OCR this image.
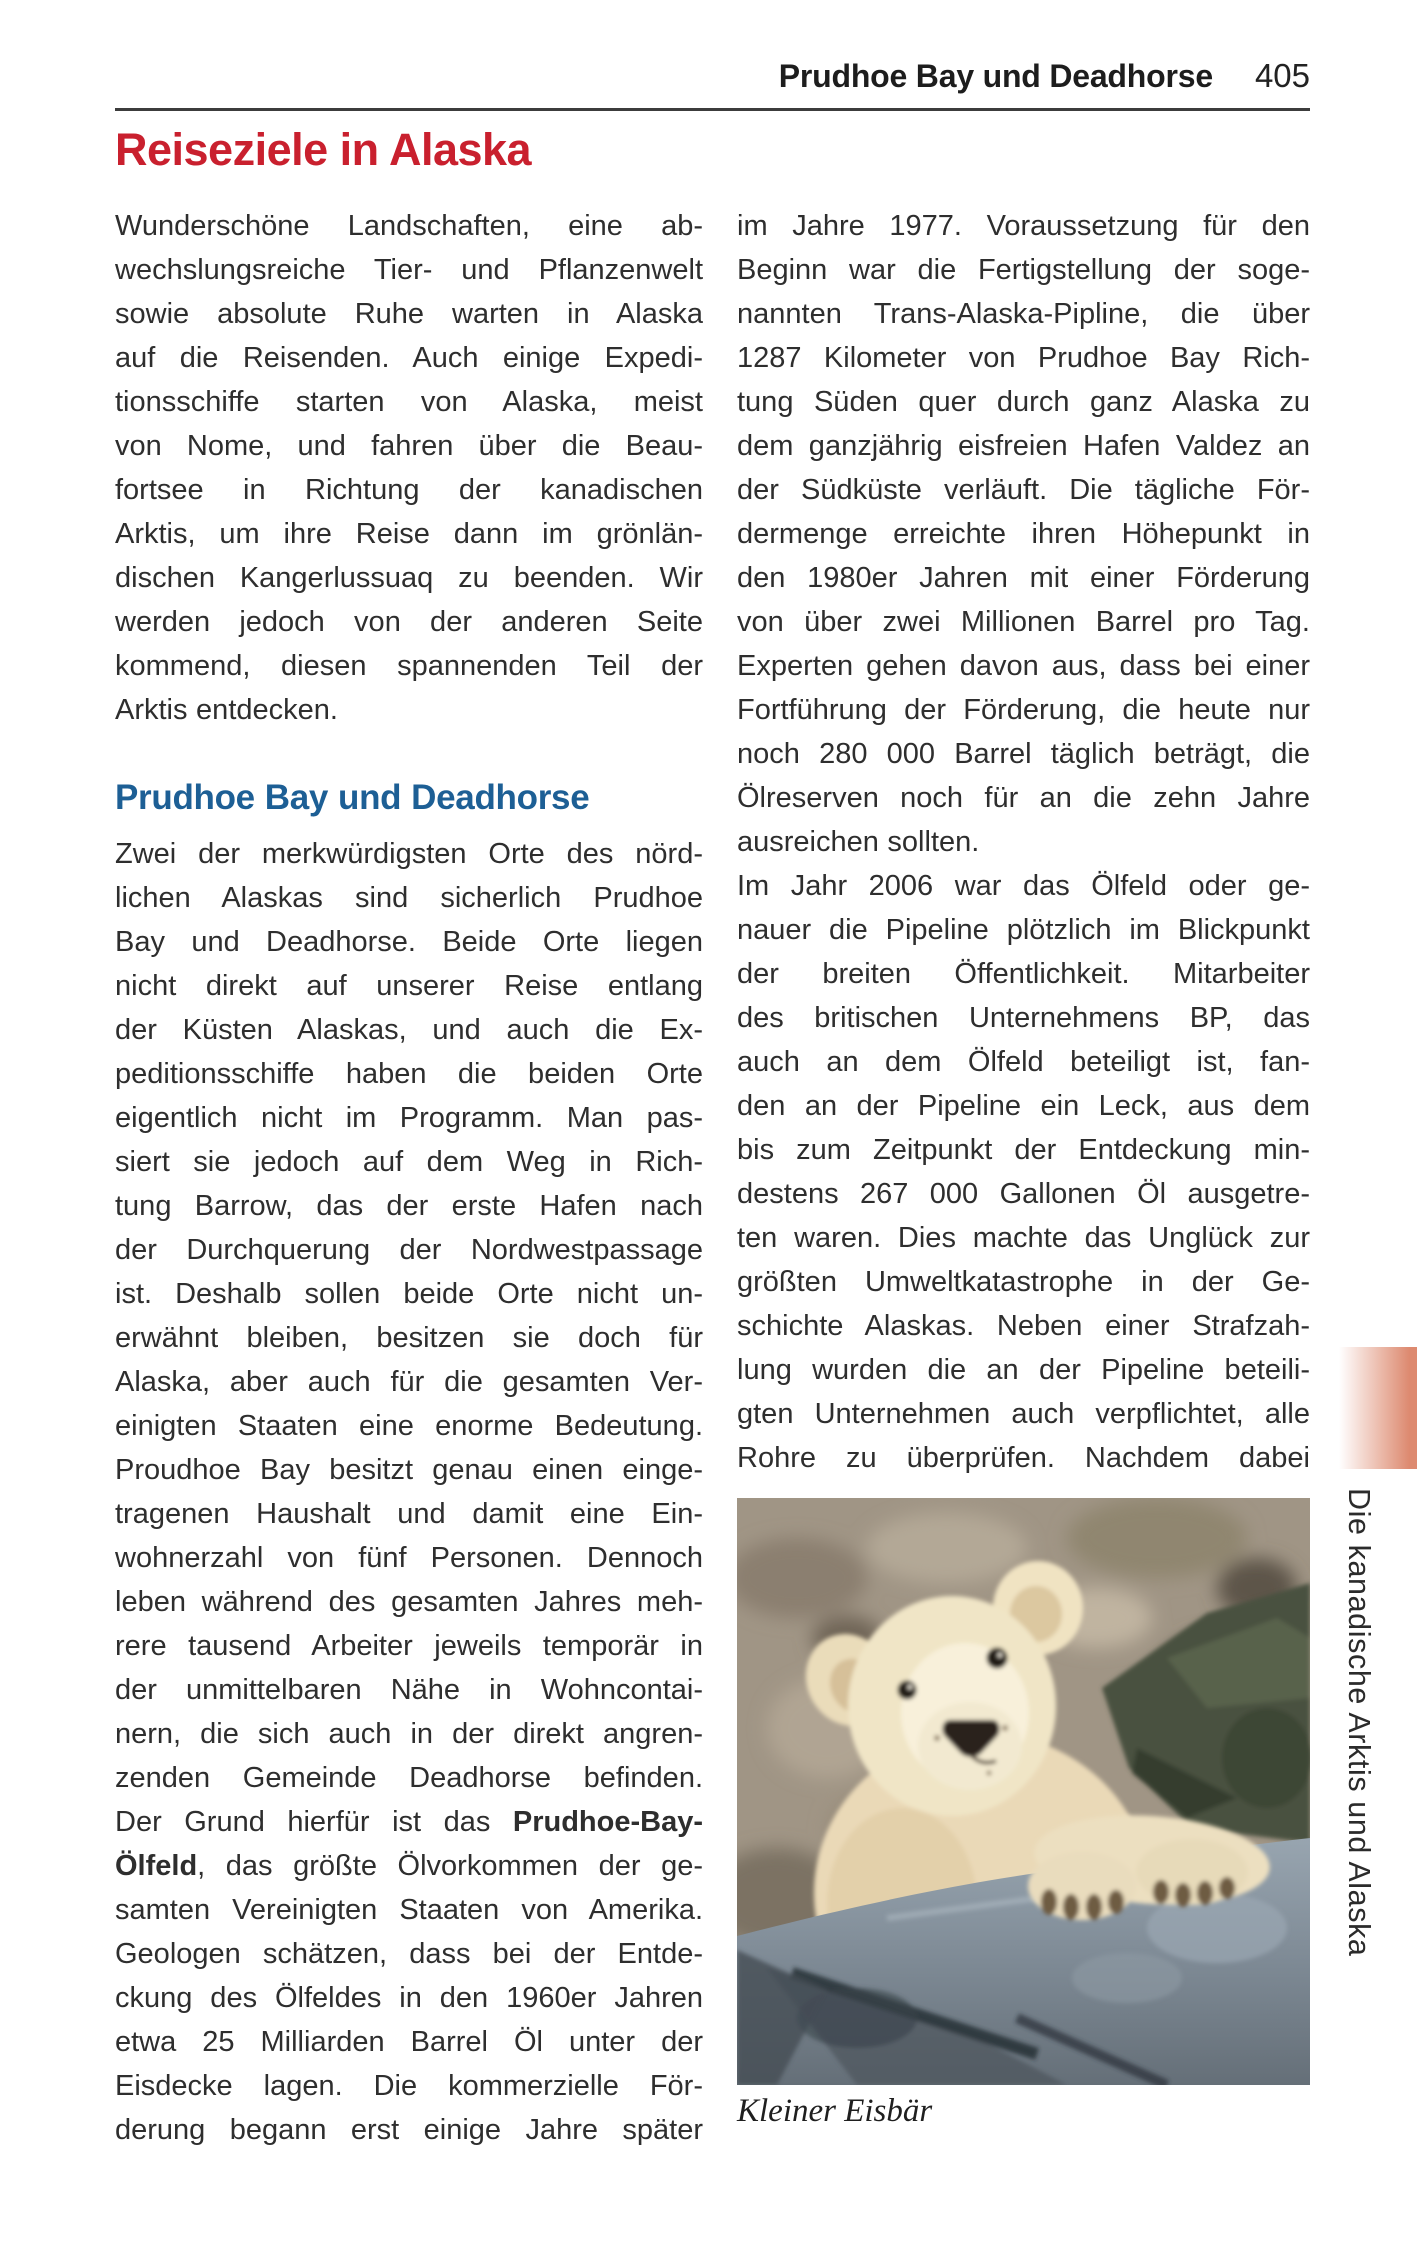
Prudhoe Bay und Deadhorse 405
Reiseziele in Alaska
Wunderschöne Landschaften, eine ab-
wechslungsreiche Tier- und Pflanzenwelt
sowie absolute Ruhe warten in Alaska
auf die Reisenden. Auch einige Expedi-
tionsschiffe starten von Alaska, meist
von Nome, und fahren über die Beau-
fortsee in Richtung der kanadischen
Arktis, um ihre Reise dann im grönlän-
dischen Kangerlussuaq zu beenden. Wir
werden jedoch von der anderen Seite
kommend, diesen spannenden Teil der
Arktis entdecken.
Prudhoe Bay und Deadhorse
Zwei der merkwürdigsten Orte des nörd-
lichen Alaskas sind sicherlich Prudhoe
Bay und Deadhorse. Beide Orte liegen
nicht direkt auf unserer Reise entlang
der Küsten Alaskas, und auch die Ex-
peditionsschiffe haben die beiden Orte
eigentlich nicht im Programm. Man pas-
siert sie jedoch auf dem Weg in Rich-
tung Barrow, das der erste Hafen nach
der Durchquerung der Nordwestpassage
ist. Deshalb sollen beide Orte nicht un-
erwähnt bleiben, besitzen sie doch für
Alaska, aber auch für die gesamten Ver-
einigten Staaten eine enorme Bedeutung.
Proudhoe Bay besitzt genau einen einge-
tragenen Haushalt und damit eine Ein-
wohnerzahl von fünf Personen. Dennoch
leben während des gesamten Jahres meh-
rere tausend Arbeiter jeweils temporär in
der unmittelbaren Nähe in Wohncontai-
nern, die sich auch in der direkt angren-
zenden Gemeinde Deadhorse befinden.
Der Grund hierfür ist das Prudhoe-Bay-
Ölfeld, das größte Ölvorkommen der ge-
samten Vereinigten Staaten von Amerika.
Geologen schätzen, dass bei der Entde-
ckung des Ölfeldes in den 1960er Jahren
etwa 25 Milliarden Barrel Öl unter der
Eisdecke lagen. Die kommerzielle För-
derung begann erst einige Jahre später
im Jahre 1977. Voraussetzung für den
Beginn war die Fertigstellung der soge-
nannten Trans-Alaska-Pipline, die über
1287 Kilometer von Prudhoe Bay Rich-
tung Süden quer durch ganz Alaska zu
dem ganzjährig eisfreien Hafen Valdez an
der Südküste verläuft. Die tägliche För-
dermenge erreichte ihren Höhepunkt in
den 1980er Jahren mit einer Förderung
von über zwei Millionen Barrel pro Tag.
Experten gehen davon aus, dass bei einer
Fortführung der Förderung, die heute nur
noch 280 000 Barrel täglich beträgt, die
Ölreserven noch für an die zehn Jahre
ausreichen sollten.
Im Jahr 2006 war das Ölfeld oder ge-
nauer die Pipeline plötzlich im Blickpunkt
der breiten Öffentlichkeit. Mitarbeiter
des britischen Unternehmens BP, das
auch an dem Ölfeld beteiligt ist, fan-
den an der Pipeline ein Leck, aus dem
bis zum Zeitpunkt der Entdeckung min-
destens 267 000 Gallonen Öl ausgetre-
ten waren. Dies machte das Unglück zur
größten Umweltkatastrophe in der Ge-
schichte Alaskas. Neben einer Strafzah-
lung wurden die an der Pipeline beteili-
gten Unternehmen auch verpflichtet, alle
Rohre zu überprüfen. Nachdem dabei
Kleiner Eisbär
Die kanadische Arktis und Alaska
